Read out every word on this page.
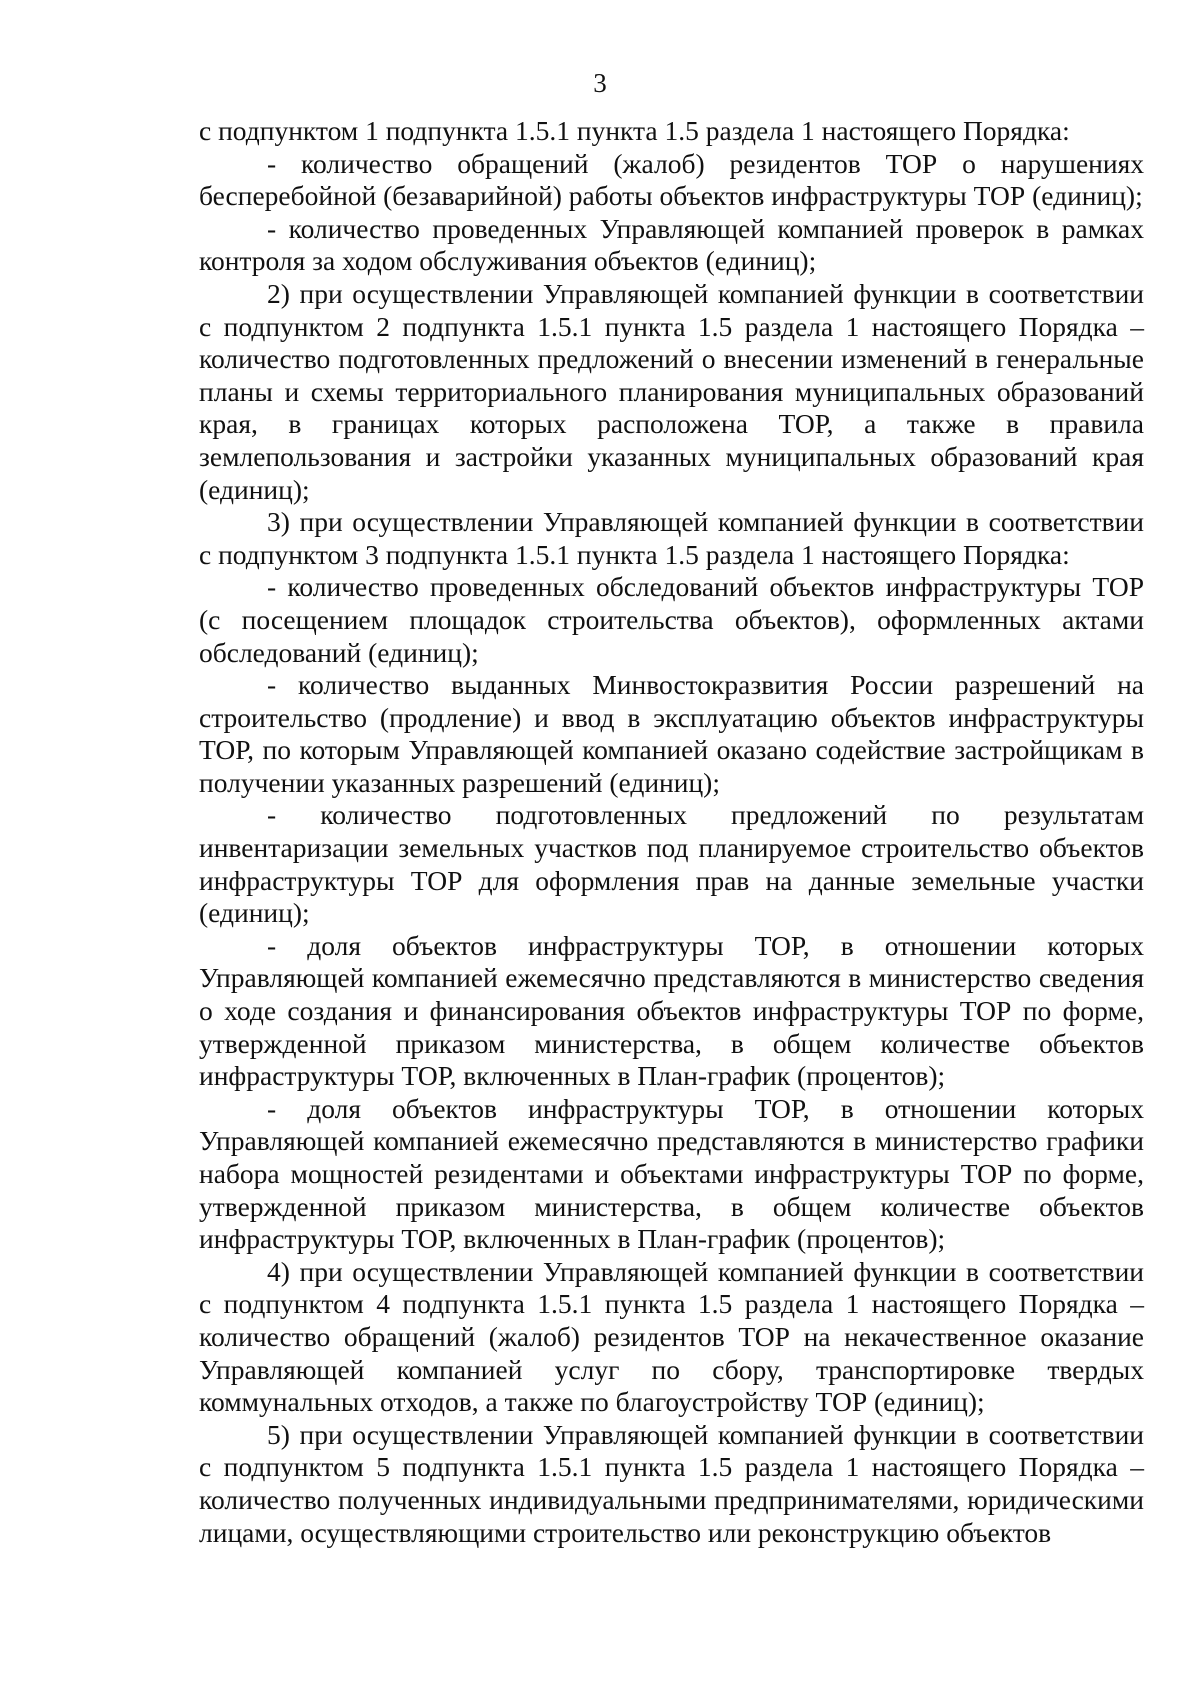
3

с подпунктом 1 подпункта 1.5.1 пункта 1.5 раздела 1 настоящего Порядка:

- количество обращений (жалоб) резидентов ТОР о нарушениях бесперебойной (безаварийной) работы объектов инфраструктуры ТОР (единиц);

- количество проведенных Управляющей компанией проверок в рамках контроля за ходом обслуживания объектов (единиц);

2) при осуществлении Управляющей компанией функции в соответствии с подпунктом 2 подпункта 1.5.1 пункта 1.5 раздела 1 настоящего Порядка – количество подготовленных предложений о внесении изменений в генеральные планы и схемы территориального планирования муниципальных образований края, в границах которых расположена ТОР, а также в правила землепользования и застройки указанных муниципальных образований края (единиц);

3) при осуществлении Управляющей компанией функции в соответствии с подпунктом 3 подпункта 1.5.1 пункта 1.5 раздела 1 настоящего Порядка:

- количество проведенных обследований объектов инфраструктуры ТОР (с посещением площадок строительства объектов), оформленных актами обследований (единиц);

- количество выданных Минвостокразвития России разрешений на строительство (продление) и ввод в эксплуатацию объектов инфраструктуры ТОР, по которым Управляющей компанией оказано содействие застройщикам в получении указанных разрешений (единиц);

- количество подготовленных предложений по результатам инвентаризации земельных участков под планируемое строительство объектов инфраструктуры ТОР для оформления прав на данные земельные участки (единиц);

- доля объектов инфраструктуры ТОР, в отношении которых Управляющей компанией ежемесячно представляются в министерство сведения о ходе создания и финансирования объектов инфраструктуры ТОР по форме, утвержденной приказом министерства, в общем количестве объектов инфраструктуры ТОР, включенных в План-график (процентов);

- доля объектов инфраструктуры ТОР, в отношении которых Управляющей компанией ежемесячно представляются в министерство графики набора мощностей резидентами и объектами инфраструктуры ТОР по форме, утвержденной приказом министерства, в общем количестве объектов инфраструктуры ТОР, включенных в План-график (процентов);

4) при осуществлении Управляющей компанией функции в соответствии с подпунктом 4 подпункта 1.5.1 пункта 1.5 раздела 1 настоящего Порядка – количество обращений (жалоб) резидентов ТОР на некачественное оказание Управляющей компанией услуг по сбору, транспортировке твердых коммунальных отходов, а также по благоустройству ТОР (единиц);

5) при осуществлении Управляющей компанией функции в соответствии с подпунктом 5 подпункта 1.5.1 пункта 1.5 раздела 1 настоящего Порядка – количество полученных индивидуальными предпринимателями, юридическими лицами, осуществляющими строительство или реконструкцию объектов
